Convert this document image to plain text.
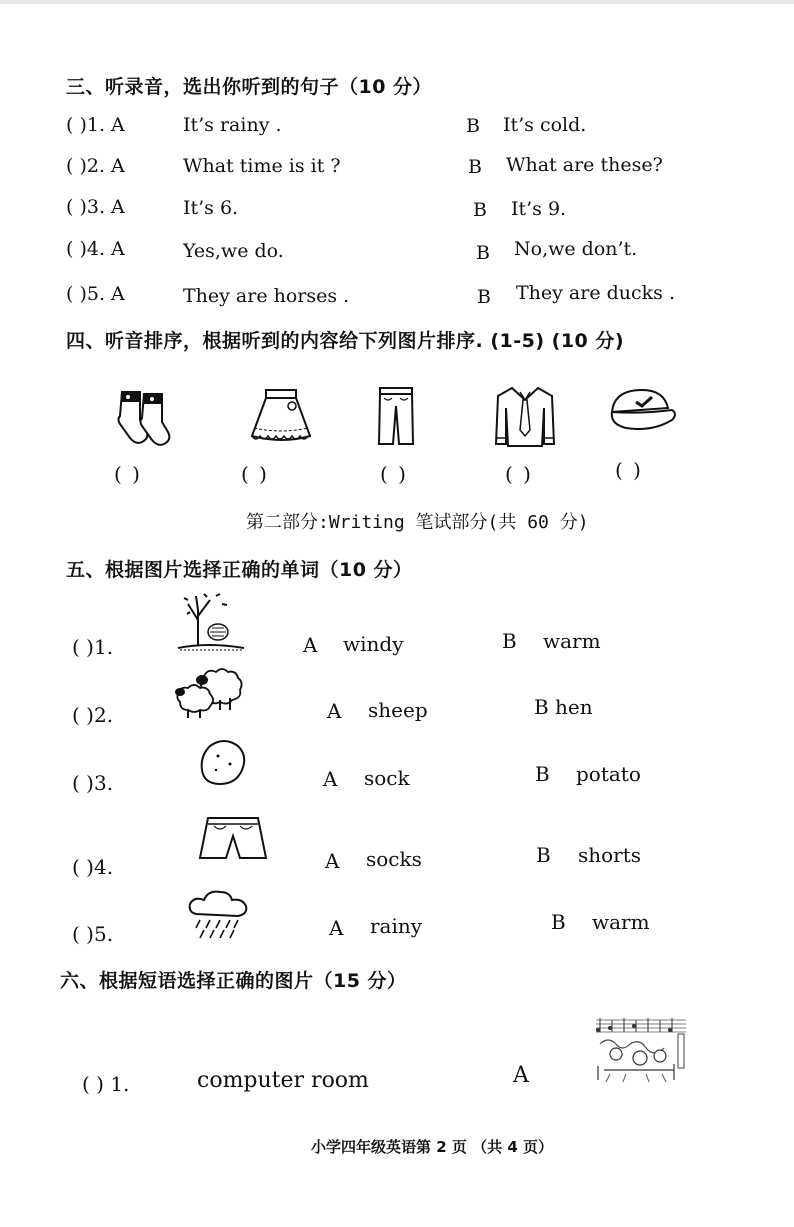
三、听录音，选出你听到的句子（10 分）
( )1. A	It’s rainy .	B It’s cold.
( )2. A	What time is it ?	B What are these?
( )3. A	It’s 6.	B It’s 9.
( )4. A	Yes,we do.	B No,we don’t.
( )5. A	They are horses .	B They are ducks .
四、听音排序，根据听到的内容给下列图片排序. (1-5) (10 分)
( )	( )	( )	( )	( )
第二部分:Writing 笔试部分(共 60 分)
五、根据图片选择正确的单词（10 分）
( )1.	A windy	B warm
( )2.	A sheep	B hen
( )3.	A sock	B potato
( )4.	A socks	B shorts
( )5.	A rainy	B warm
六、根据短语选择正确的图片（15 分）
( ) 1.	computer room	A
小学四年级英语第 2 页 （共 4 页）
